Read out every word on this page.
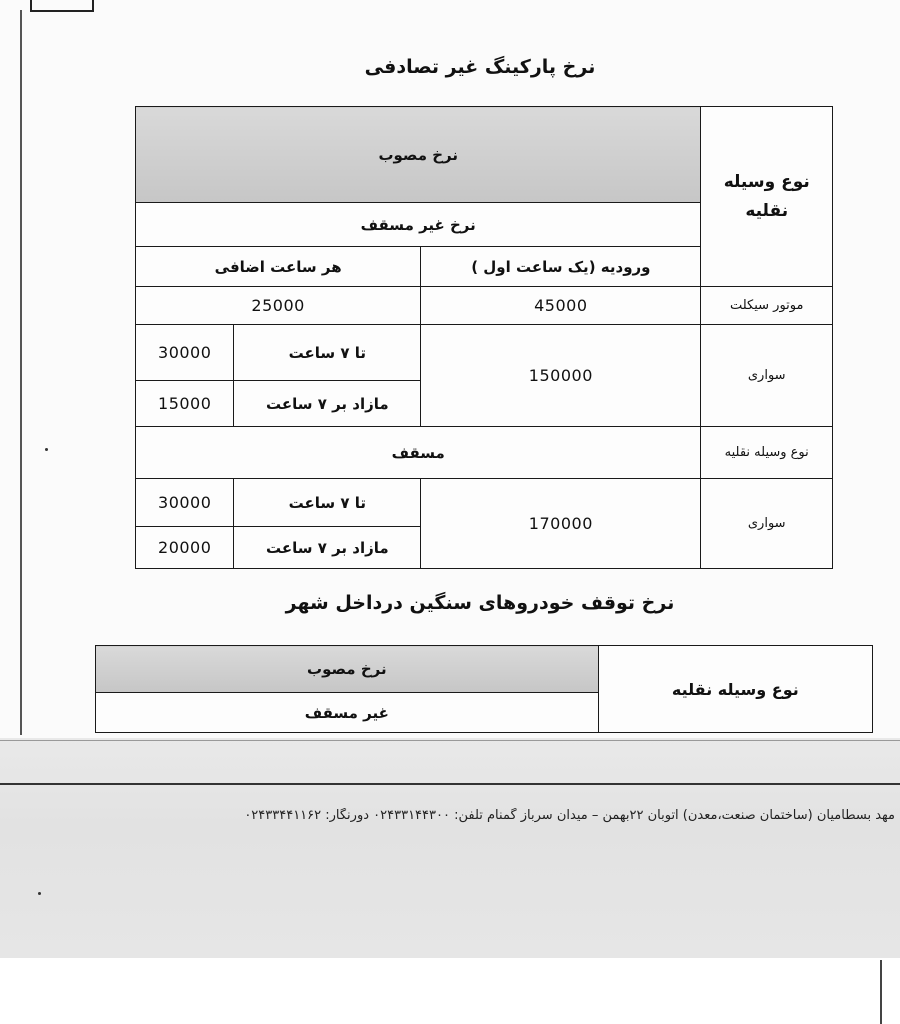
نرخ پارکینگ غیر تصادفی
نوع وسیله نقلیه	نرخ مصوب		
	نرخ غیر مسقف		
	ورودیه (یک ساعت اول )	هر ساعت اضافی	
موتور سیکلت	45000	25000	
سواری	150000	تا ۷ ساعت	30000
		مازاد بر ۷ ساعت	15000
نوع وسیله نقلیه	مسقف		
سواری	170000	تا ۷ ساعت	30000
		مازاد بر ۷ ساعت	20000
نرخ توقف خودروهای سنگین درداخل شهر
نوع وسیله نقلیه	نرخ مصوب
غیر مسقف
مهد بسطامیان (ساختمان صنعت،معدن) اتوبان ۲۲بهمن – میدان سرباز گمنام تلفن: ۰۲۴۳۳۱۴۴۳۰۰ دورنگار: ۰۲۴۳۳۴۴۱۱۶۲
